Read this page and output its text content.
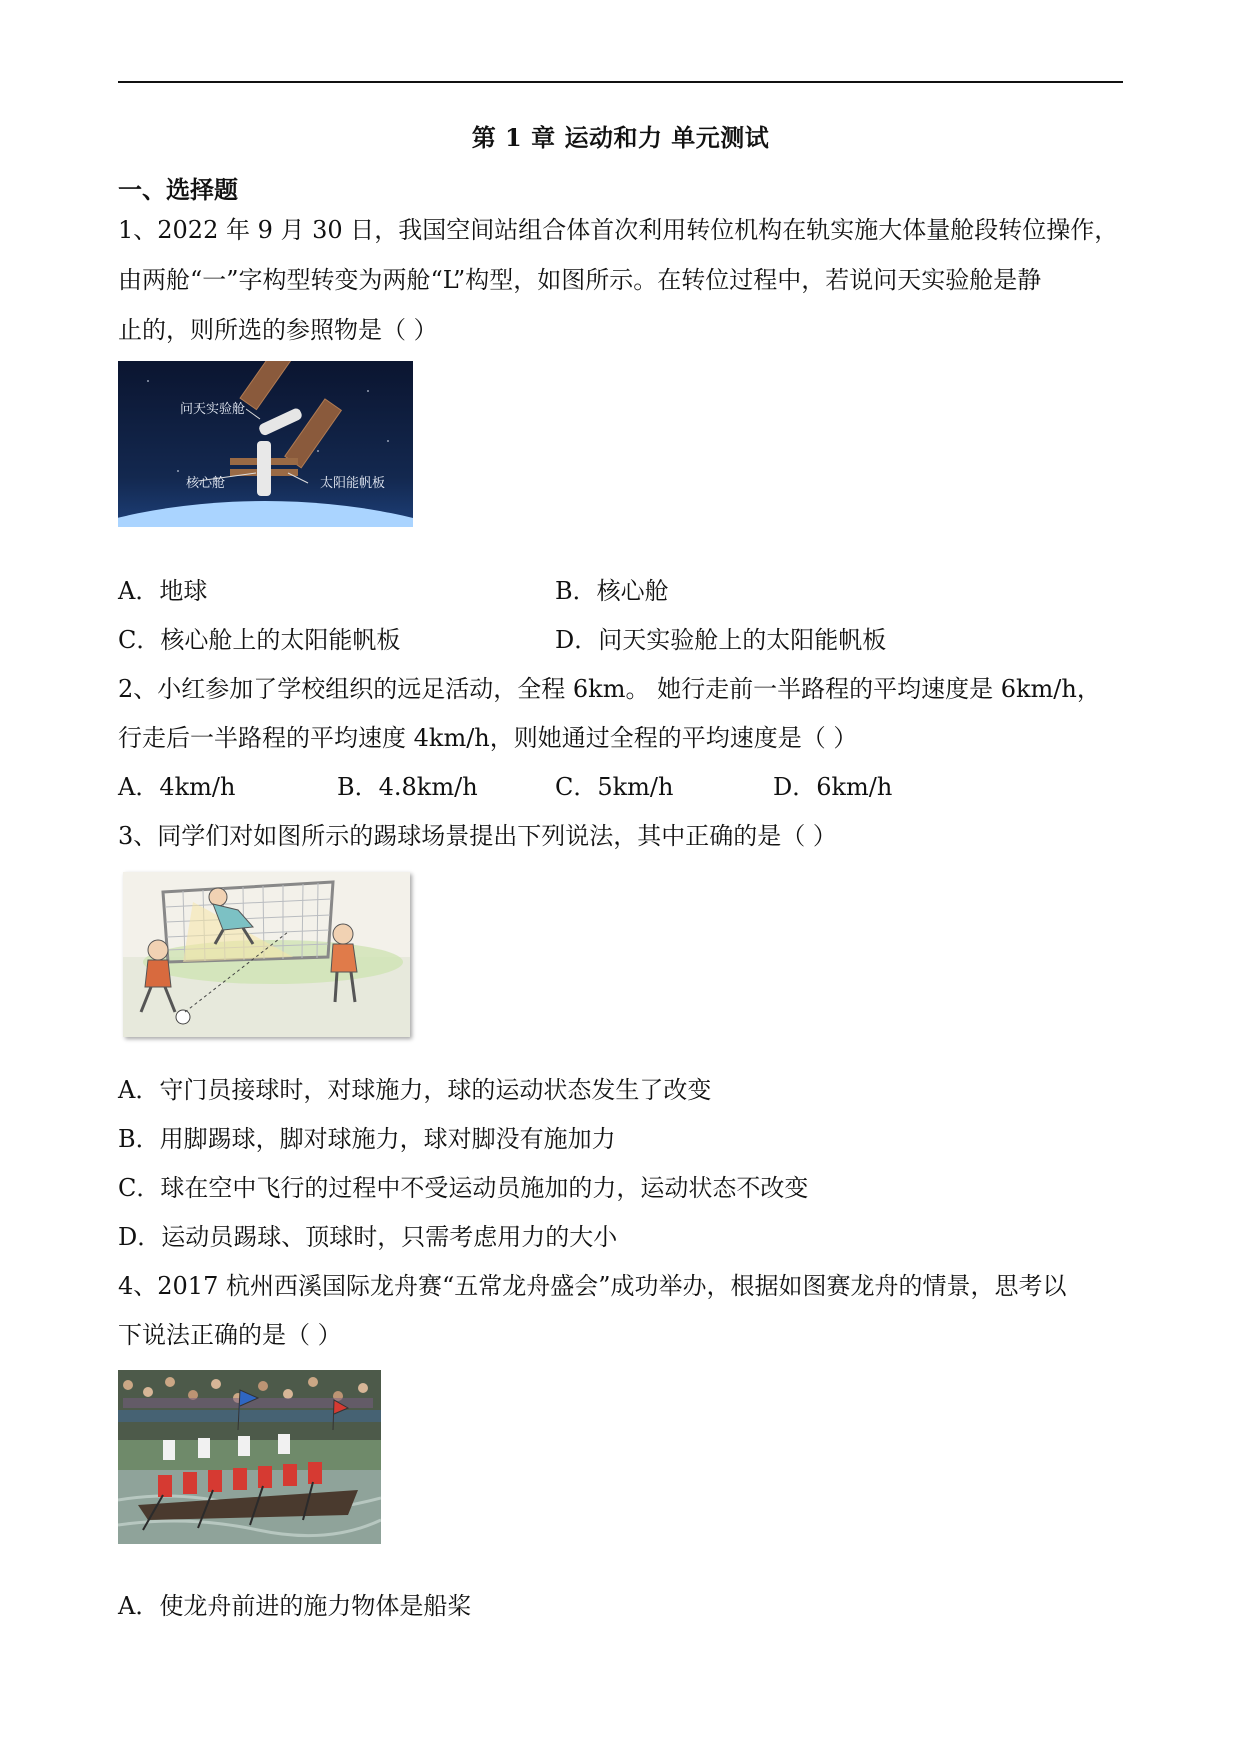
第 1 章 运动和力 单元测试
一、选择题
1、2022 年 9 月 30 日，我国空间站组合体首次利用转位机构在轨实施大体量舱段转位操作，
由两舱“一”字构型转变为两舱“L”构型，如图所示。在转位过程中，若说问天实验舱是静
止的，则所选的参照物是（ ）
问天实验舱
核心舱	太阳能帆板
A．地球	B．核心舱
C．核心舱上的太阳能帆板	D．问天实验舱上的太阳能帆板
2、小红参加了学校组织的远足活动，全程 6km。 她行走前一半路程的平均速度是 6km/h，
行走后一半路程的平均速度 4km/h，则她通过全程的平均速度是（ ）
A．4km/h	B．4.8km/h	C．5km/h	D．6km/h
3、同学们对如图所示的踢球场景提出下列说法，其中正确的是（ ）
A．守门员接球时，对球施力，球的运动状态发生了改变
B．用脚踢球，脚对球施力，球对脚没有施加力
C．球在空中飞行的过程中不受运动员施加的力，运动状态不改变
D．运动员踢球、顶球时，只需考虑用力的大小
4、2017 杭州西溪国际龙舟赛“五常龙舟盛会”成功举办，根据如图赛龙舟的情景，思考以
下说法正确的是（ ）
A．使龙舟前进的施力物体是船桨
